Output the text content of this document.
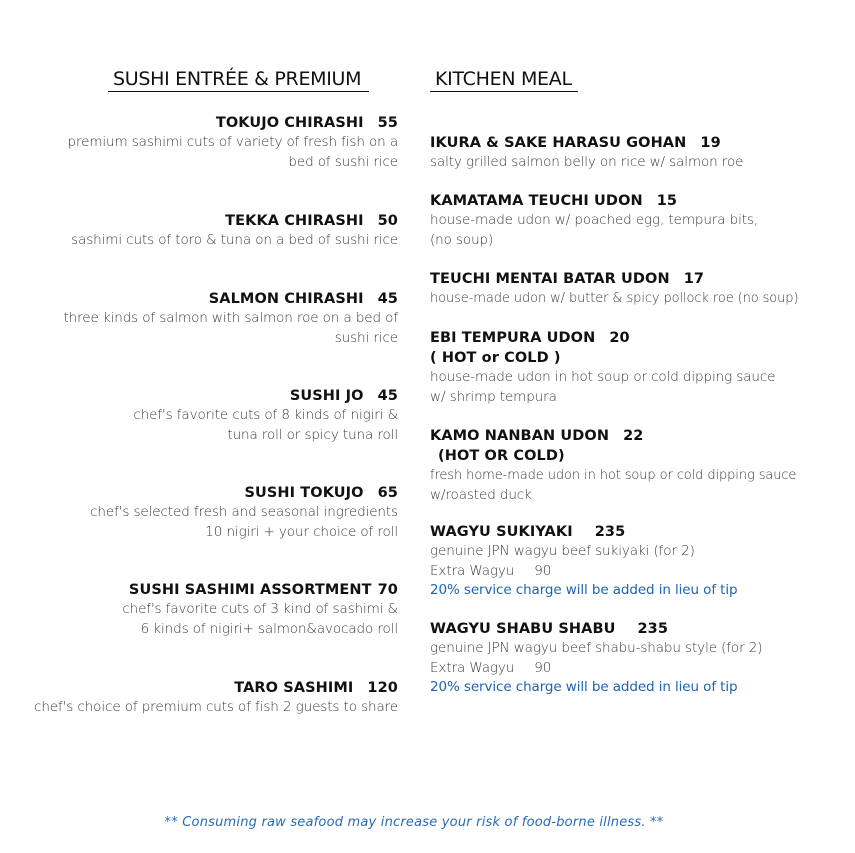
SUSHI ENTRÉE & PREMIUM	KITCHEN MEAL
TOKUJO CHIRASHI 55
premium sashimi cuts of variety of fresh fish on a
bed of sushi rice
TEKKA CHIRASHI 50
sashimi cuts of toro & tuna on a bed of sushi rice
SALMON CHIRASHI 45
three kinds of salmon with salmon roe on a bed of
sushi rice
SUSHI JO 45
chef's favorite cuts of 8 kinds of nigiri &
tuna roll or spicy tuna roll
SUSHI TOKUJO 65
chef's selected fresh and seasonal ingredients
10 nigiri + your choice of roll
SUSHI SASHIMI ASSORTMENT 70
chef's favorite cuts of 3 kind of sashimi &
6 kinds of nigiri+ salmon&avocado roll
TARO SASHIMI 120
chef's choice of premium cuts of fish 2 guests to share
IKURA & SAKE HARASU GOHAN 19
salty grilled salmon belly on rice w/ salmon roe
KAMATAMA TEUCHI UDON 15
house-made udon w/ poached egg, tempura bits,
(no soup)
TEUCHI MENTAI BATAR UDON 17
house-made udon w/ butter & spicy pollock roe (no soup)
EBI TEMPURA UDON 20
( HOT or COLD )
house-made udon in hot soup or cold dipping sauce
w/ shrimp tempura
KAMO NANBAN UDON 22
(HOT OR COLD)
fresh home-made udon in hot soup or cold dipping sauce
w/roasted duck
WAGYU SUKIYAKI 235
genuine JPN wagyu beef sukiyaki (for 2)
Extra Wagyu 90
20% service charge will be added in lieu of tip
WAGYU SHABU SHABU 235
genuine JPN wagyu beef shabu-shabu style (for 2)
Extra Wagyu 90
20% service charge will be added in lieu of tip
** Consuming raw seafood may increase your risk of food-borne illness. **
